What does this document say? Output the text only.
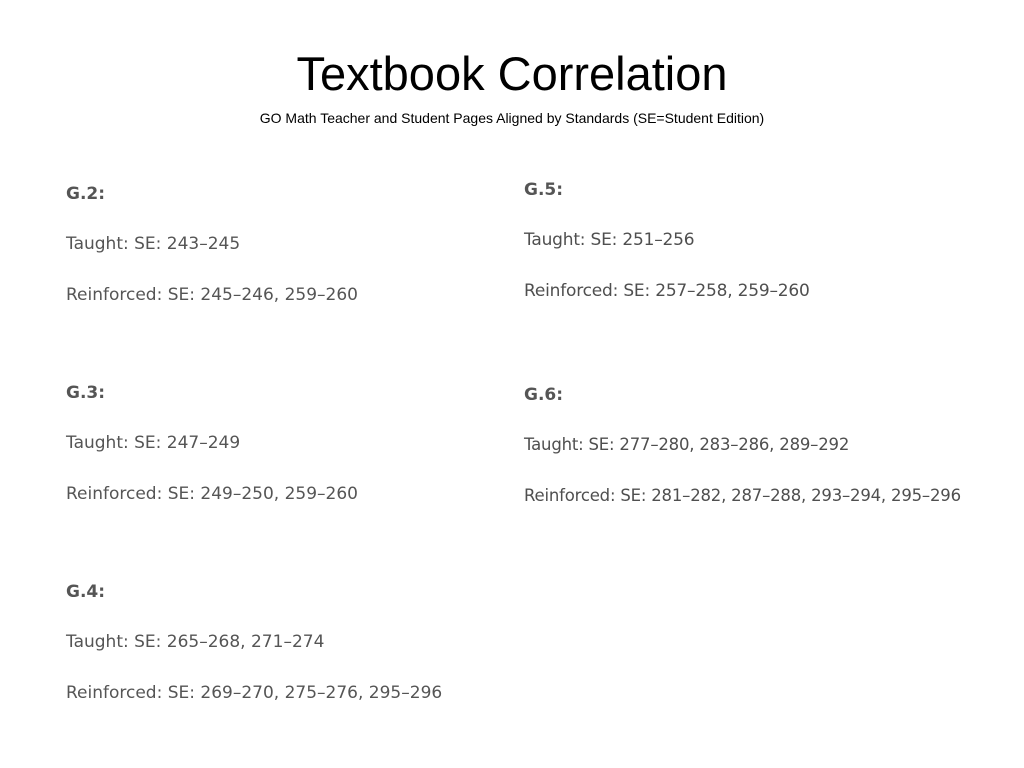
Textbook Correlation
GO Math Teacher and Student Pages Aligned by Standards (SE=Student Edition)
G.2:
Taught: SE: 243–245
Reinforced: SE: 245–246, 259–260
G.3:
Taught: SE: 247–249
Reinforced: SE: 249–250, 259–260
G.4:
Taught: SE: 265–268, 271–274
Reinforced: SE: 269–270, 275–276, 295–296
G.5:
Taught: SE: 251–256
Reinforced: SE: 257–258, 259–260
G.6:
Taught: SE: 277–280, 283–286, 289–292
Reinforced: SE: 281–282, 287–288, 293–294, 295–296
